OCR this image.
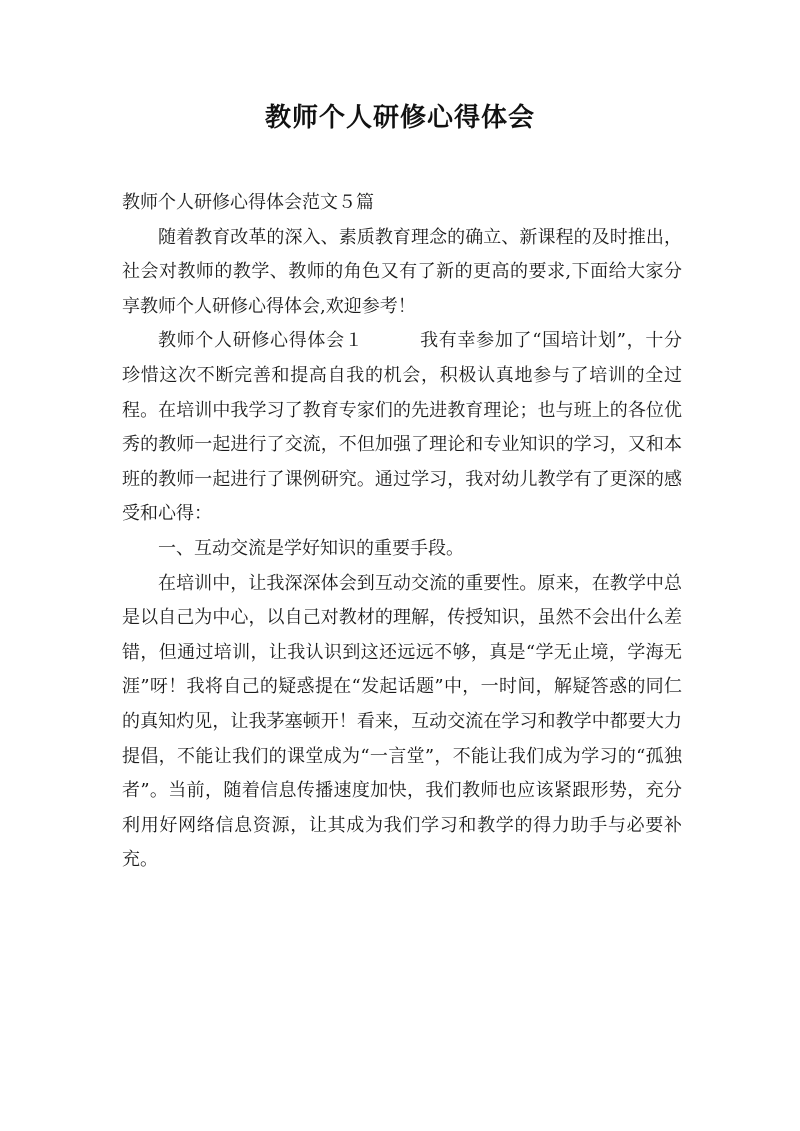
教师个人研修心得体会

教师个人研修心得体会范文５篇

随着教育改革的深入、素质教育理念的确立、新课程的及时推出，社会对教师的教学、教师的角色又有了新的更高的要求,下面给大家分享教师个人研修心得体会,欢迎参考！

教师个人研修心得体会１	我有幸参加了“国培计划”，十分珍惜这次不断完善和提高自我的机会，积极认真地参与了培训的全过程。在培训中我学习了教育专家们的先进教育理论；也与班上的各位优秀的教师一起进行了交流，不但加强了理论和专业知识的学习，又和本班的教师一起进行了课例研究。通过学习，我对幼儿教学有了更深的感受和心得：

一、互动交流是学好知识的重要手段。

在培训中，让我深深体会到互动交流的重要性。原来，在教学中总是以自己为中心，以自己对教材的理解，传授知识，虽然不会出什么差错，但通过培训，让我认识到这还远远不够，真是“学无止境，学海无涯”呀！我将自己的疑惑提在“发起话题”中，一时间，解疑答惑的同仁的真知灼见，让我茅塞顿开！看来，互动交流在学习和教学中都要大力提倡，不能让我们的课堂成为“一言堂”，不能让我们成为学习的“孤独者”。当前，随着信息传播速度加快，我们教师也应该紧跟形势，充分利用好网络信息资源，让其成为我们学习和教学的得力助手与必要补充。
